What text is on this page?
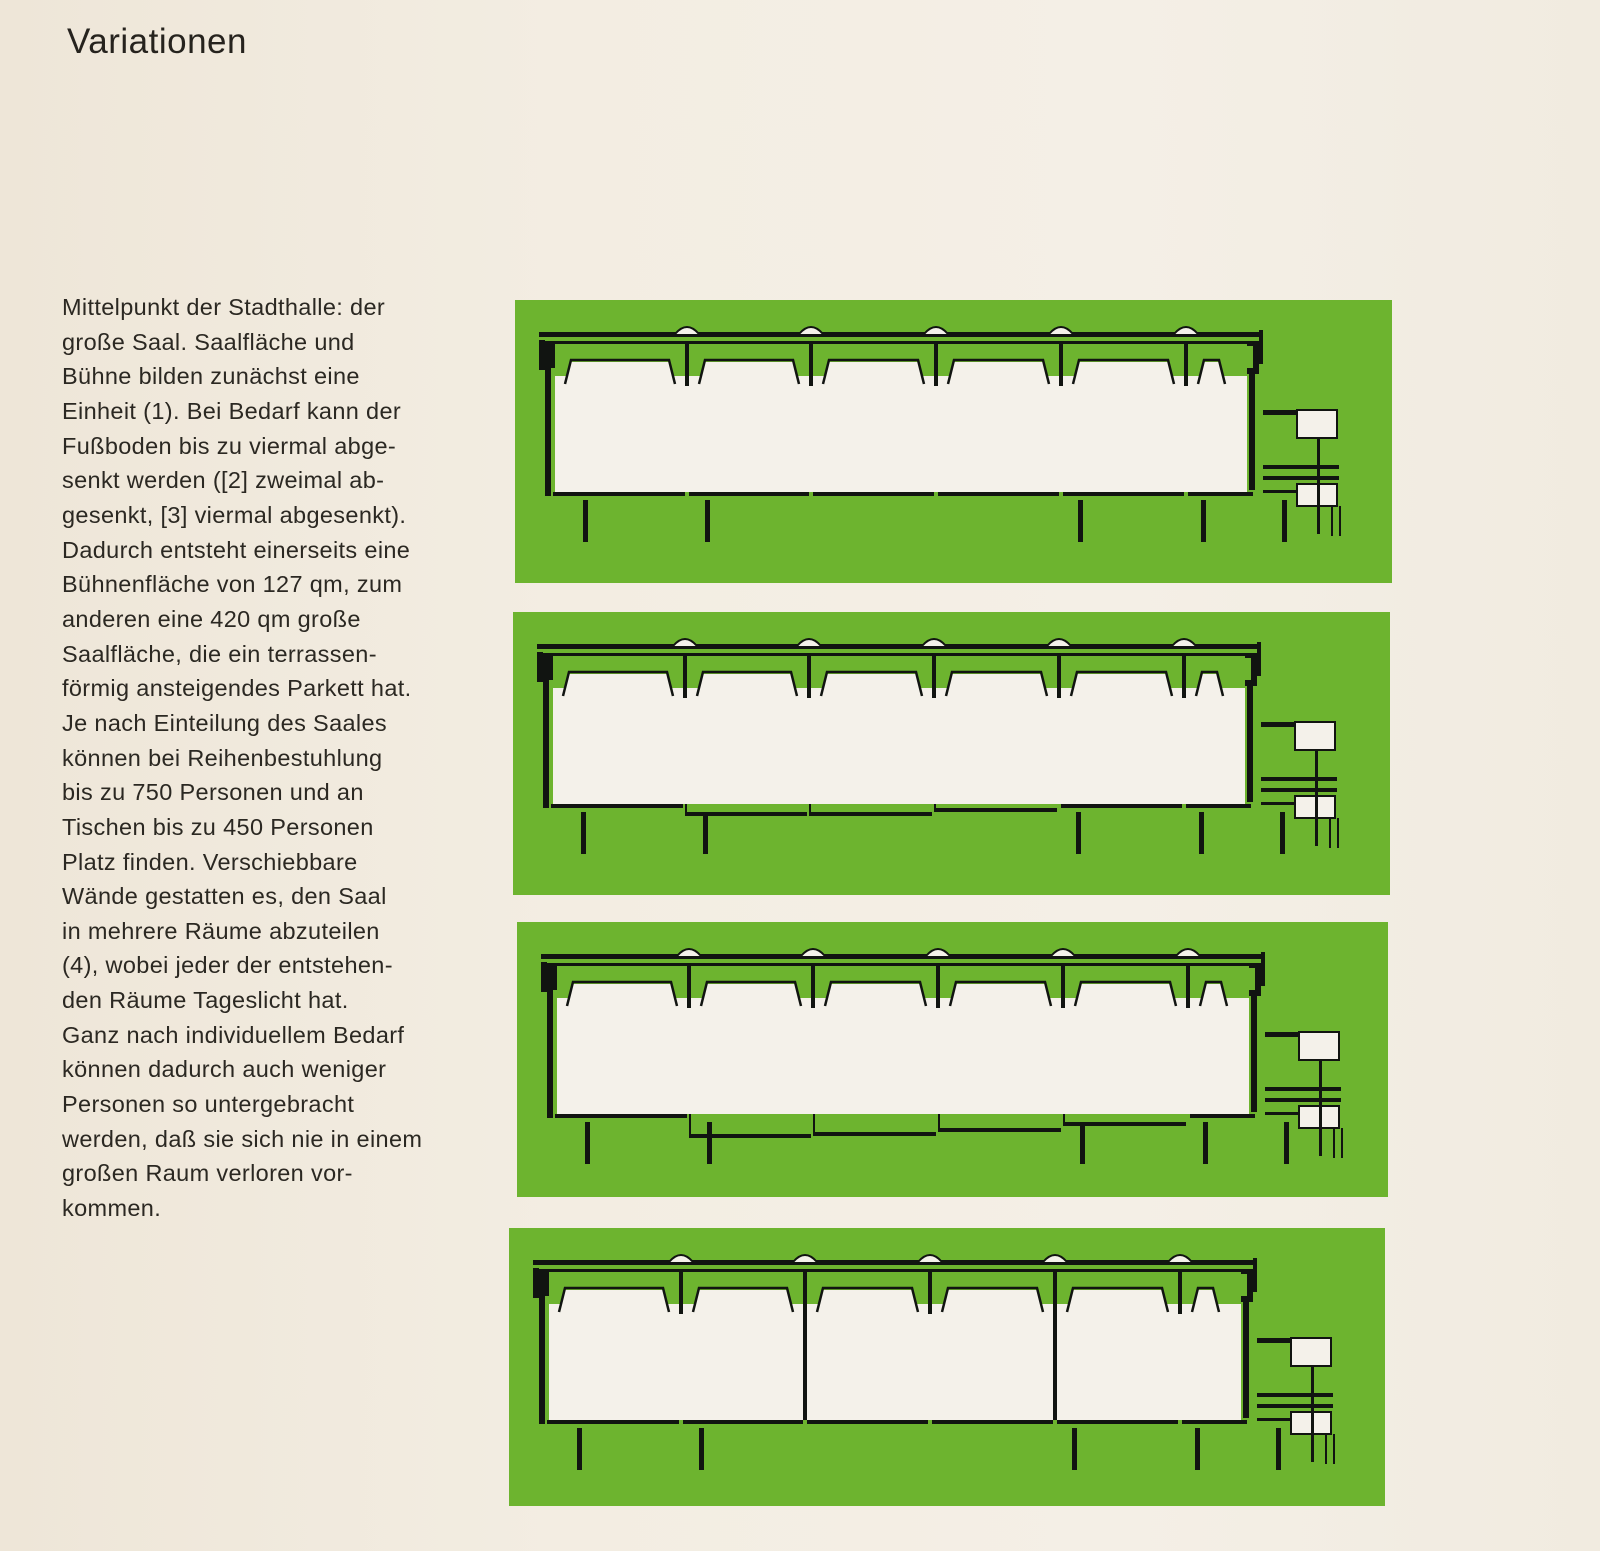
Variationen

Mittelpunkt der Stadthalle: der
große Saal. Saalfläche und
Bühne bilden zunächst eine
Einheit (1). Bei Bedarf kann der
Fußboden bis zu viermal abge-
senkt werden ([2] zweimal ab-
gesenkt, [3] viermal abgesenkt).
Dadurch entsteht einerseits eine
Bühnenfläche von 127 qm, zum
anderen eine 420 qm große
Saalfläche, die ein terrassen-
förmig ansteigendes Parkett hat.
Je nach Einteilung des Saales
können bei Reihenbestuhlung
bis zu 750 Personen und an
Tischen bis zu 450 Personen
Platz finden. Verschiebbare
Wände gestatten es, den Saal
in mehrere Räume abzuteilen
(4), wobei jeder der entstehen-
den Räume Tageslicht hat.
Ganz nach individuellem Bedarf
können dadurch auch weniger
Personen so untergebracht
werden, daß sie sich nie in einem
großen Raum verloren vor-
kommen.
